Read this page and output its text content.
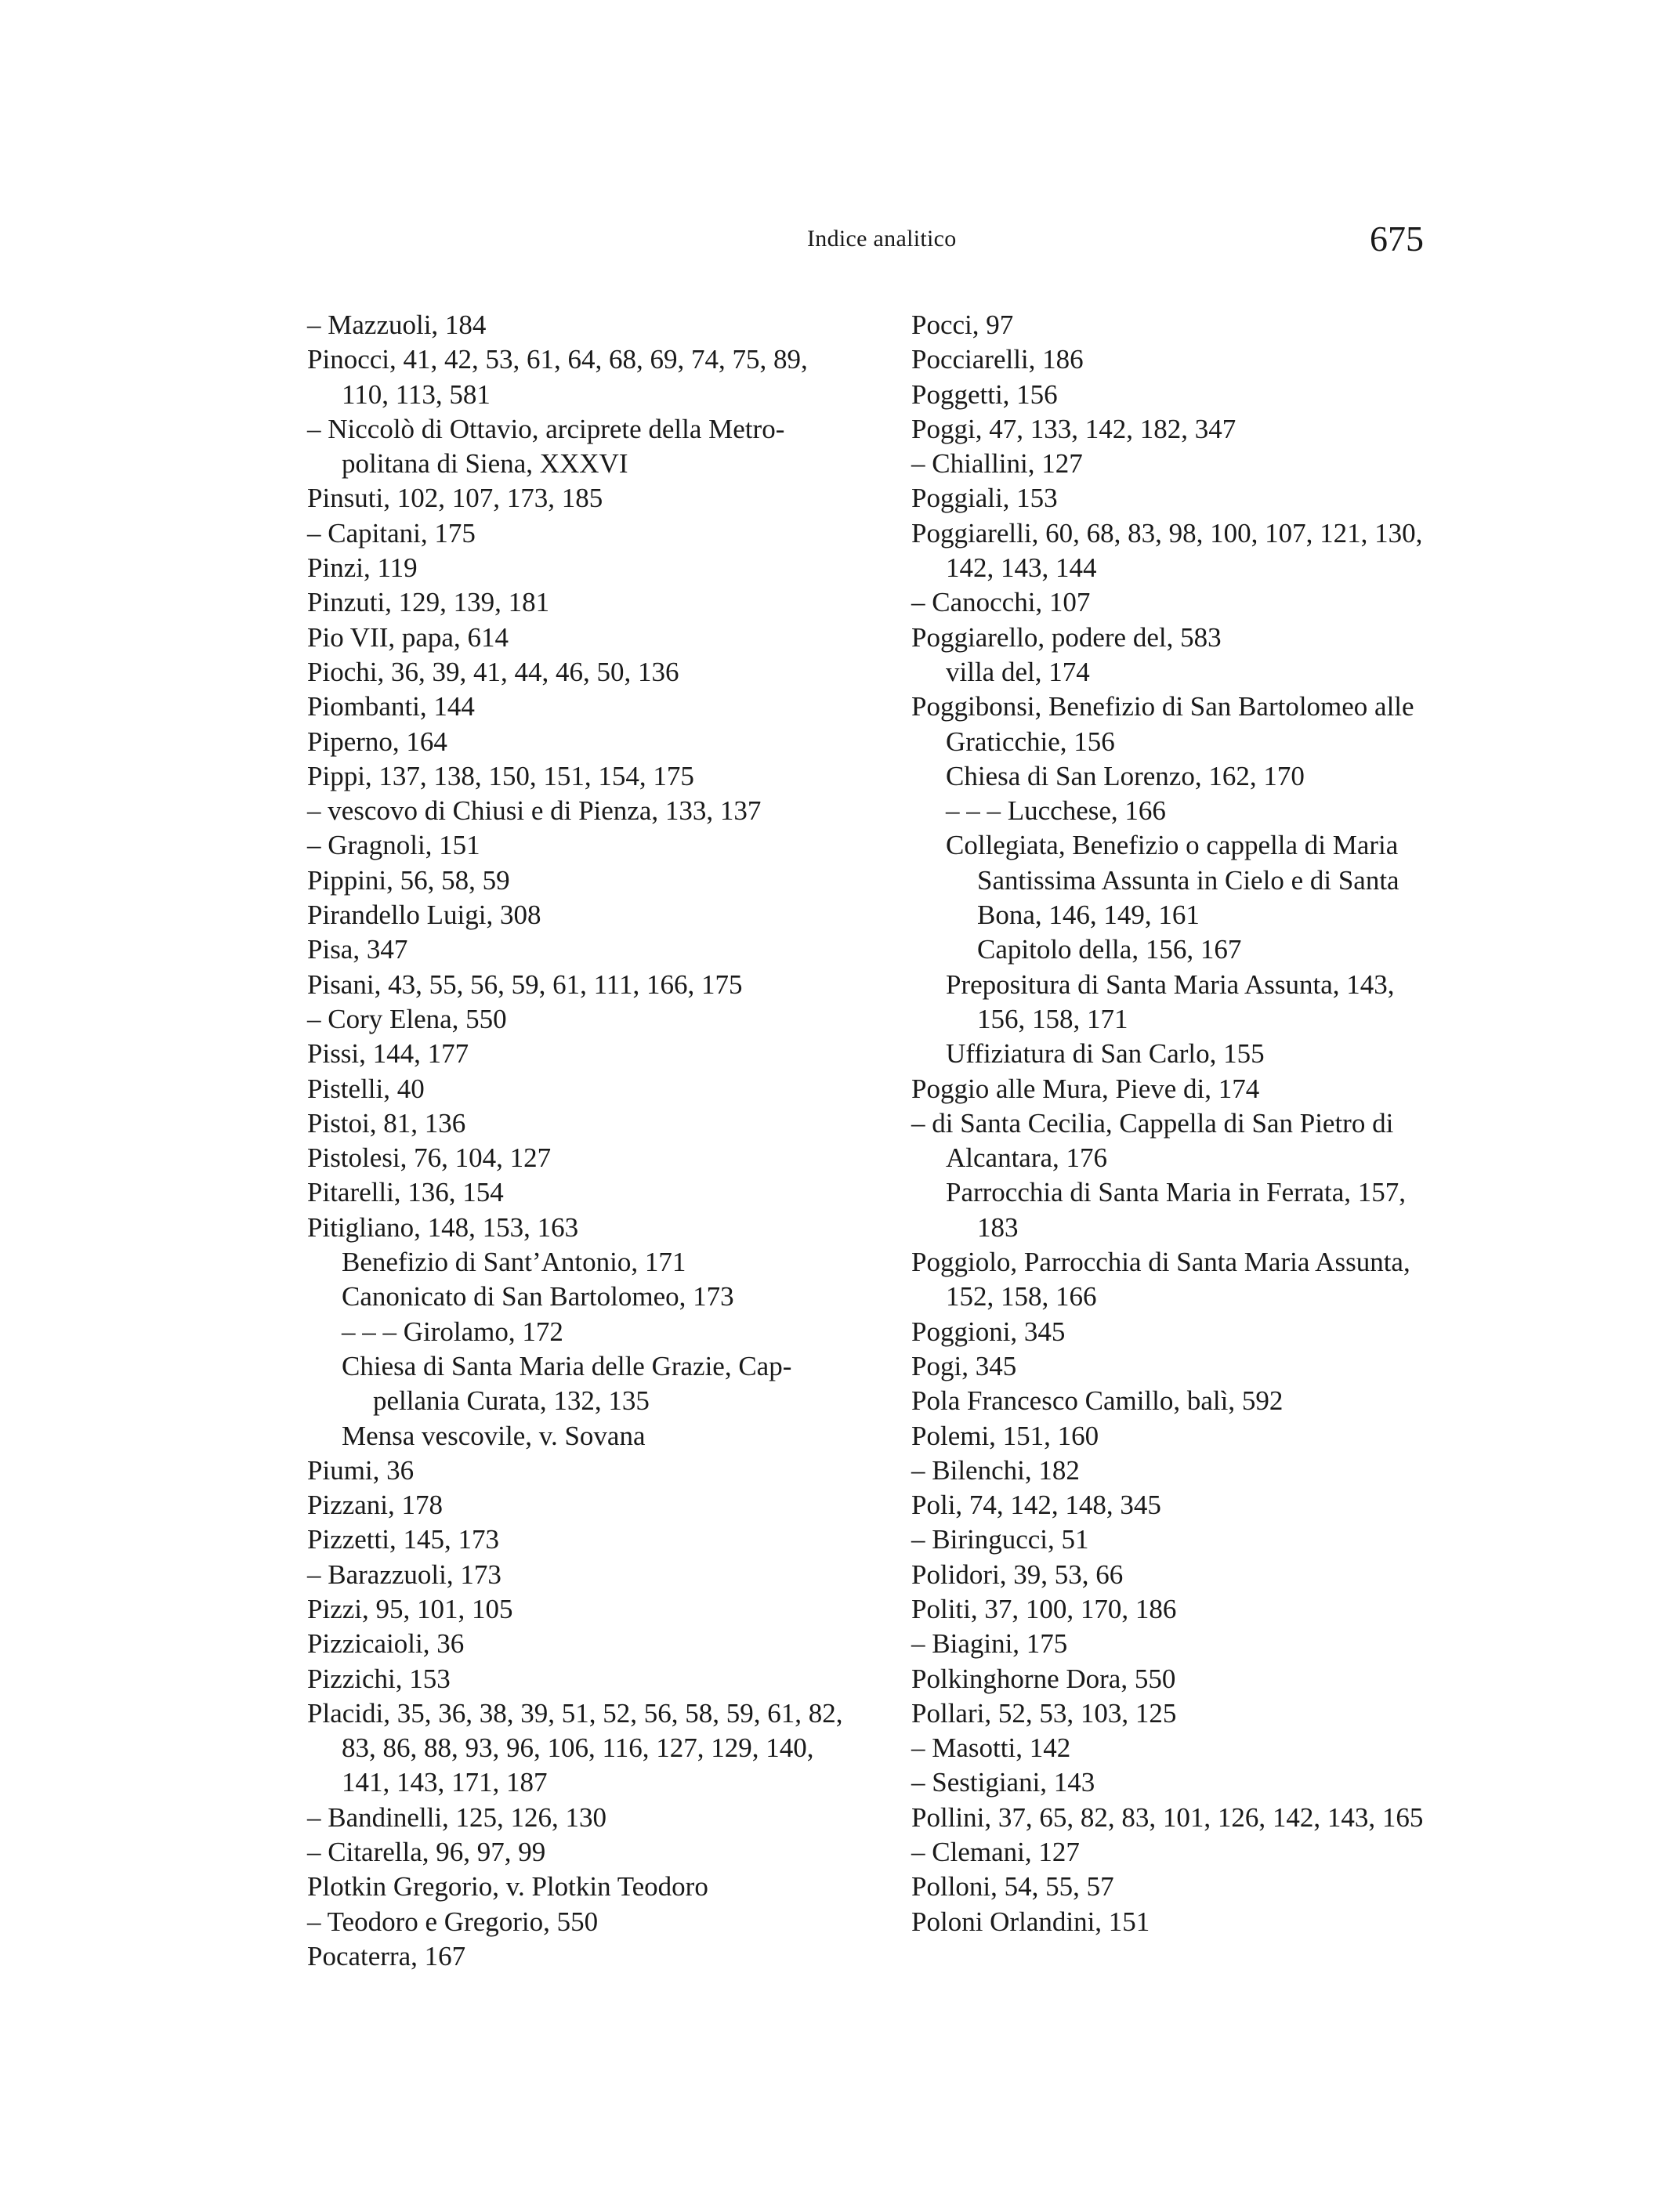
Indice analitico	675
– Mazzuoli, 184
Pinocci, 41, 42, 53, 61, 64, 68, 69, 74, 75, 89,
110, 113, 581
– Niccolò di Ottavio, arciprete della Metro-
politana di Siena, XXXVI
Pinsuti, 102, 107, 173, 185
– Capitani, 175
Pinzi, 119
Pinzuti, 129, 139, 181
Pio VII, papa, 614
Piochi, 36, 39, 41, 44, 46, 50, 136
Piombanti, 144
Piperno, 164
Pippi, 137, 138, 150, 151, 154, 175
– vescovo di Chiusi e di Pienza, 133, 137
– Gragnoli, 151
Pippini, 56, 58, 59
Pirandello Luigi, 308
Pisa, 347
Pisani, 43, 55, 56, 59, 61, 111, 166, 175
– Cory Elena, 550
Pissi, 144, 177
Pistelli, 40
Pistoi, 81, 136
Pistolesi, 76, 104, 127
Pitarelli, 136, 154
Pitigliano, 148, 153, 163
Benefizio di Sant’Antonio, 171
Canonicato di San Bartolomeo, 173
– – – Girolamo, 172
Chiesa di Santa Maria delle Grazie, Cap-
pellania Curata, 132, 135
Mensa vescovile, v. Sovana
Piumi, 36
Pizzani, 178
Pizzetti, 145, 173
– Barazzuoli, 173
Pizzi, 95, 101, 105
Pizzicaioli, 36
Pizzichi, 153
Placidi, 35, 36, 38, 39, 51, 52, 56, 58, 59, 61, 82,
83, 86, 88, 93, 96, 106, 116, 127, 129, 140,
141, 143, 171, 187
– Bandinelli, 125, 126, 130
– Citarella, 96, 97, 99
Plotkin Gregorio, v. Plotkin Teodoro
– Teodoro e Gregorio, 550
Pocaterra, 167
Pocci, 97
Pocciarelli, 186
Poggetti, 156
Poggi, 47, 133, 142, 182, 347
– Chiallini, 127
Poggiali, 153
Poggiarelli, 60, 68, 83, 98, 100, 107, 121, 130,
142, 143, 144
– Canocchi, 107
Poggiarello, podere del, 583
villa del, 174
Poggibonsi, Benefizio di San Bartolomeo alle
Graticchie, 156
Chiesa di San Lorenzo, 162, 170
– – – Lucchese, 166
Collegiata, Benefizio o cappella di Maria
Santissima Assunta in Cielo e di Santa
Bona, 146, 149, 161
Capitolo della, 156, 167
Prepositura di Santa Maria Assunta, 143,
156, 158, 171
Uffiziatura di San Carlo, 155
Poggio alle Mura, Pieve di, 174
– di Santa Cecilia, Cappella di San Pietro di
Alcantara, 176
Parrocchia di Santa Maria in Ferrata, 157,
183
Poggiolo, Parrocchia di Santa Maria Assunta,
152, 158, 166
Poggioni, 345
Pogi, 345
Pola Francesco Camillo, balì, 592
Polemi, 151, 160
– Bilenchi, 182
Poli, 74, 142, 148, 345
– Biringucci, 51
Polidori, 39, 53, 66
Politi, 37, 100, 170, 186
– Biagini, 175
Polkinghorne Dora, 550
Pollari, 52, 53, 103, 125
– Masotti, 142
– Sestigiani, 143
Pollini, 37, 65, 82, 83, 101, 126, 142, 143, 165
– Clemani, 127
Polloni, 54, 55, 57
Poloni Orlandini, 151
